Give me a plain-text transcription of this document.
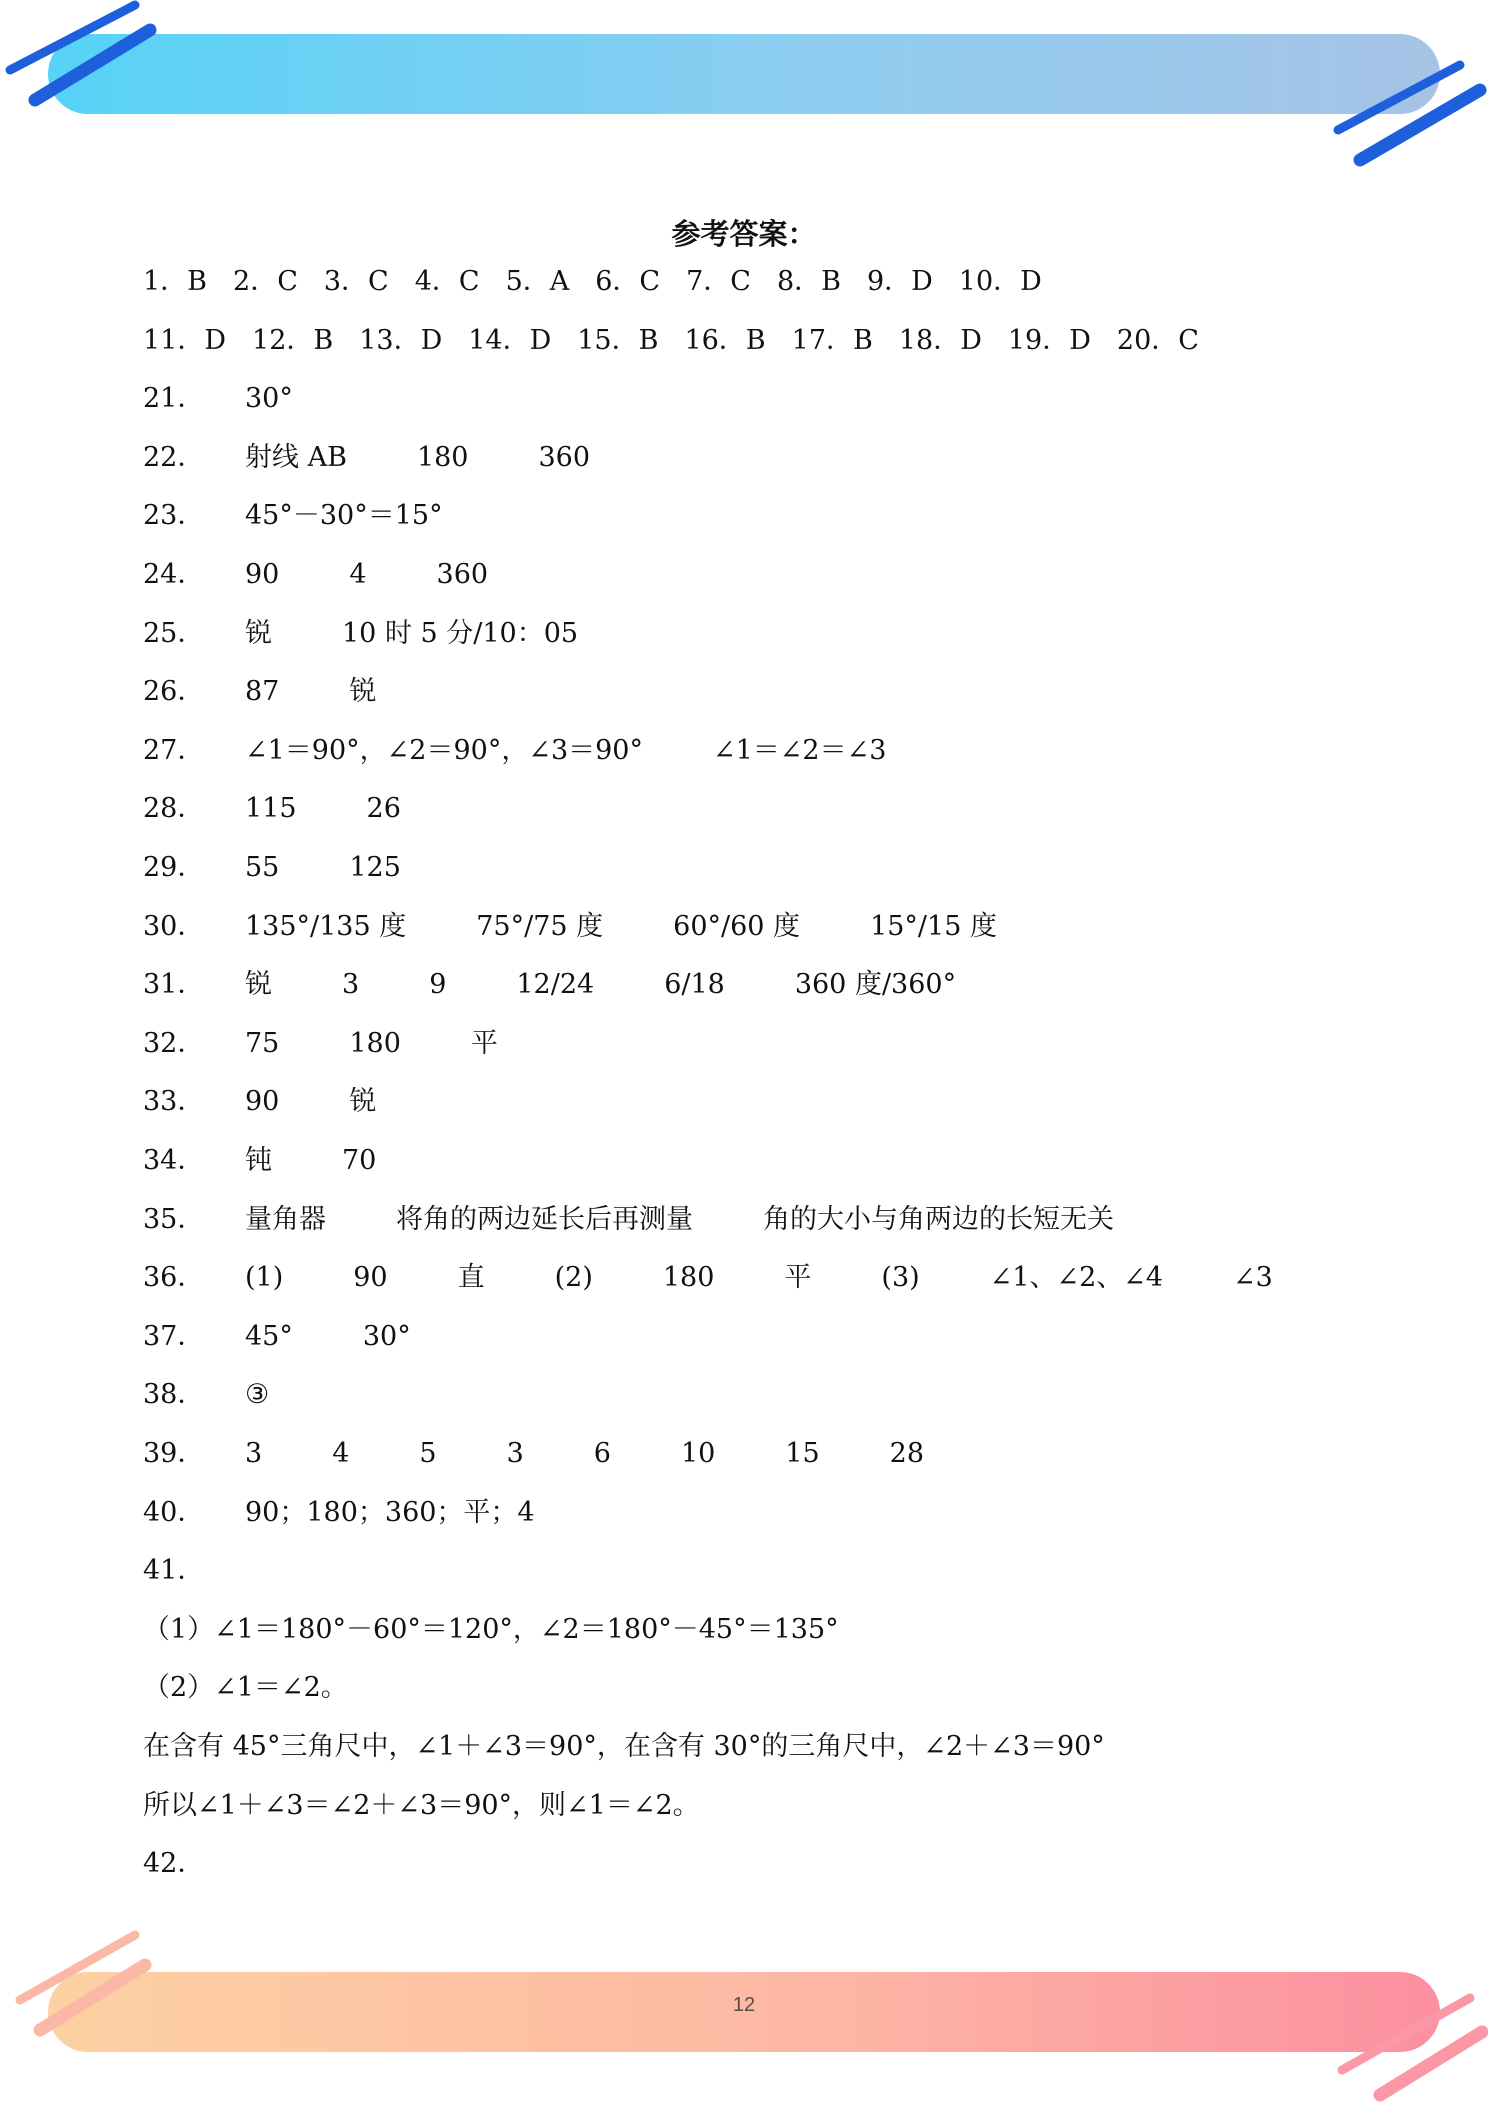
参考答案：
1．B 2．C 3．C 4．C 5．A 6．C 7．C 8．B 9．D 10．D
11．D 12．B 13．D 14．D 15．B 16．B 17．B 18．D 19．D 20．C
21． 30°
22． 射线 AB	180	360
23． 45°－30°＝15°
24． 90	4	360
25． 锐	10 时 5 分/10：05
26． 87	锐
27． ∠1＝90°，∠2＝90°，∠3＝90°	∠1＝∠2＝∠3
28． 115	26
29． 55	125
30． 135°/135 度	75°/75 度	60°/60 度	15°/15 度
31． 锐	3	9	12/24	6/18	360 度/360°
32． 75	180	平
33． 90	锐
34． 钝	70
35． 量角器	将角的两边延长后再测量	角的大小与角两边的长短无关
36． (1)	90	直	(2)	180	平	(3)	∠1、∠2、∠4	∠3
37． 45°	30°
38． ③
39． 3	4	5	3	6	10	15	28
40． 90；180；360；平；4
41．
（1）∠1＝180°－60°＝120°，∠2＝180°－45°＝135°
（2）∠1＝∠2。
在含有 45°三角尺中，∠1＋∠3＝90°，在含有 30°的三角尺中，∠2＋∠3＝90°
所以∠1＋∠3＝∠2＋∠3＝90°，则∠1＝∠2。
42．
12
